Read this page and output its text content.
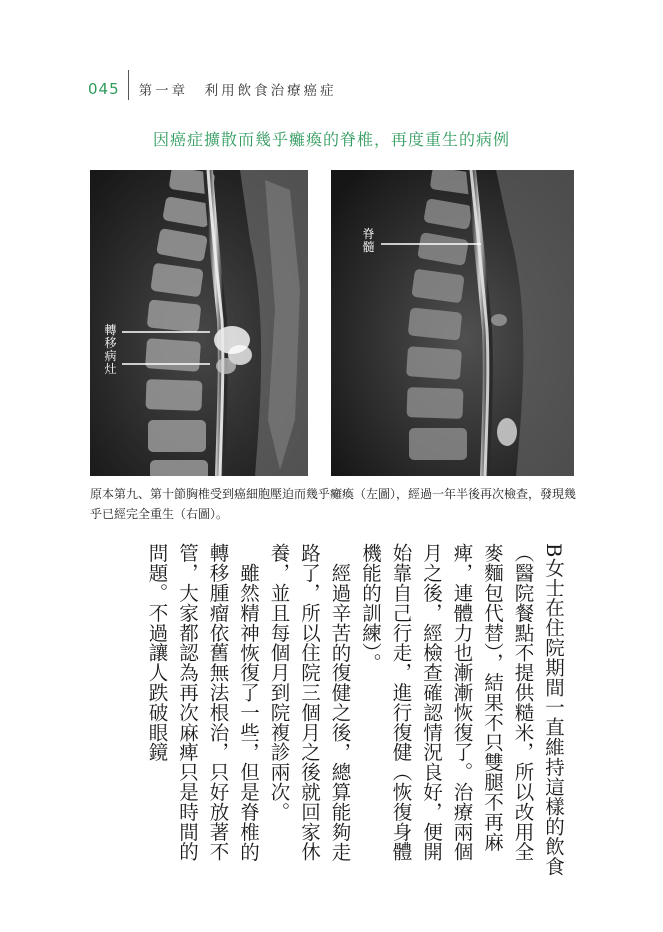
045 第一章　利用飲食治療癌症
因癌症擴散而幾乎癱瘓的脊椎，再度重生的病例
轉移病灶
脊髓
原本第九、第十節胸椎受到癌細胞壓迫而幾乎癱瘓（左圖），經過一年半後再次檢查，發現幾乎已經完全重生（右圖）。

B女士在住院期間一直維持這樣的飲食（醫院餐點不提供糙米，所以改用全麥麵包代替），結果不只雙腿不再麻痺，連體力也漸漸恢復了。治療兩個月之後，經檢查確認情況良好，便開始靠自己行走，進行復健（恢復身體機能的訓練）。

經過辛苦的復健之後，總算能夠走路了，所以住院三個月之後就回家休養，並且每個月到院複診兩次。

雖然精神恢復了一些，但是脊椎的轉移腫瘤依舊無法根治，只好放著不管，大家都認為再次麻痺只是時間的問題。不過讓人跌破眼鏡
